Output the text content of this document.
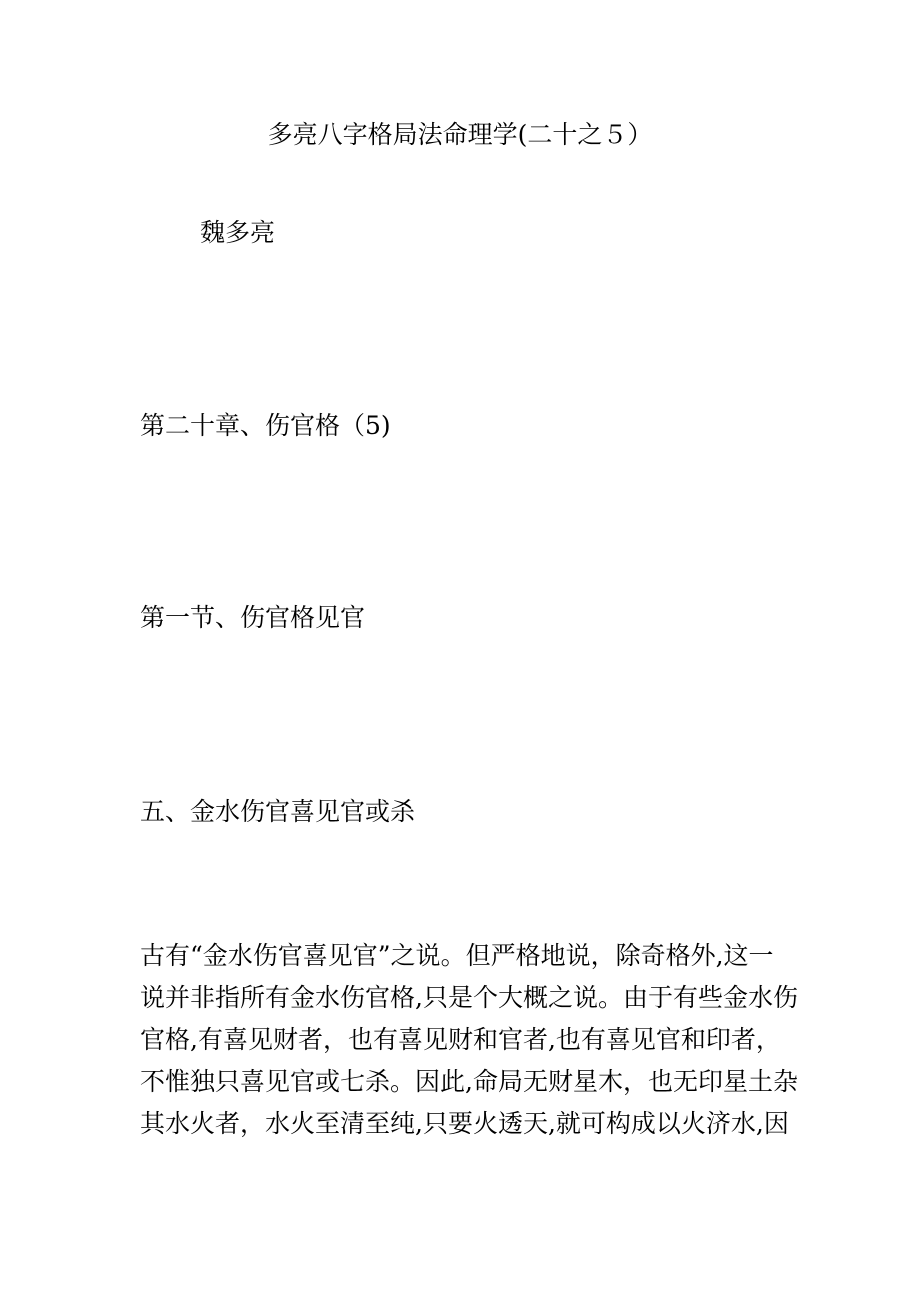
多亮八字格局法命理学(二十之５）

魏多亮

第二十章、伤官格（5)

第一节、伤官格见官

五、金水伤官喜见官或杀

古有“金水伤官喜见官”之说。但严格地说，除奇格外,这一
说并非指所有金水伤官格,只是个大概之说。由于有些金水伤
官格,有喜见财者，也有喜见财和官者,也有喜见官和印者，
不惟独只喜见官或七杀。因此,命局无财星木，也无印星土杂
其水火者，水火至清至纯,只要火透天,就可构成以火济水,因
